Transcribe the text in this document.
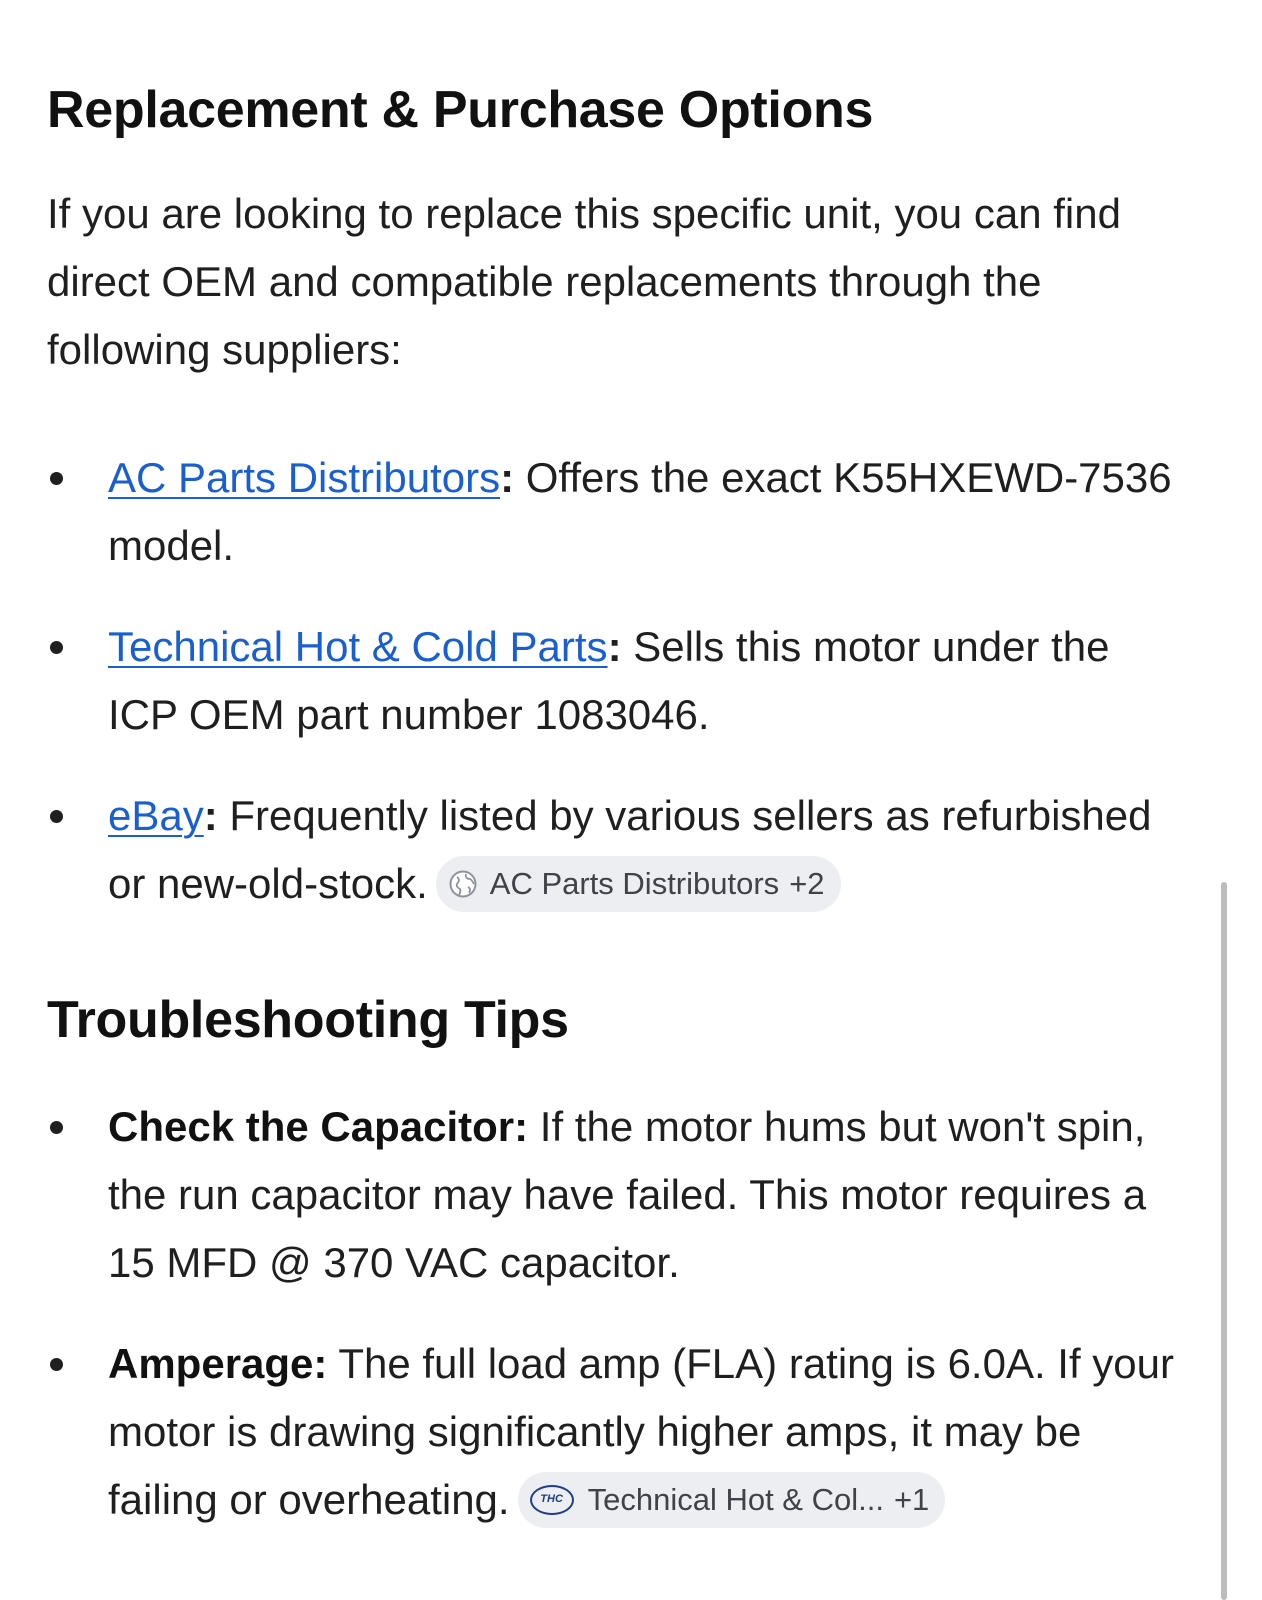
Replacement & Purchase Options

If you are looking to replace this specific unit, you can find direct OEM and compatible replacements through the following suppliers:

AC Parts Distributors: Offers the exact K55HXEWD-7536 model.
Technical Hot & Cold Parts: Sells this motor under the ICP OEM part number 1083046.
eBay: Frequently listed by various sellers as refurbished or new-old-stock. AC Parts Distributors +2
Troubleshooting Tips
Check the Capacitor: If the motor hums but won't spin, the run capacitor may have failed. This motor requires a 15 MFD @ 370 VAC capacitor.
Amperage: The full load amp (FLA) rating is 6.0A. If your motor is drawing significantly higher amps, it may be failing or overheating.	THC Technical Hot & Col... +1
